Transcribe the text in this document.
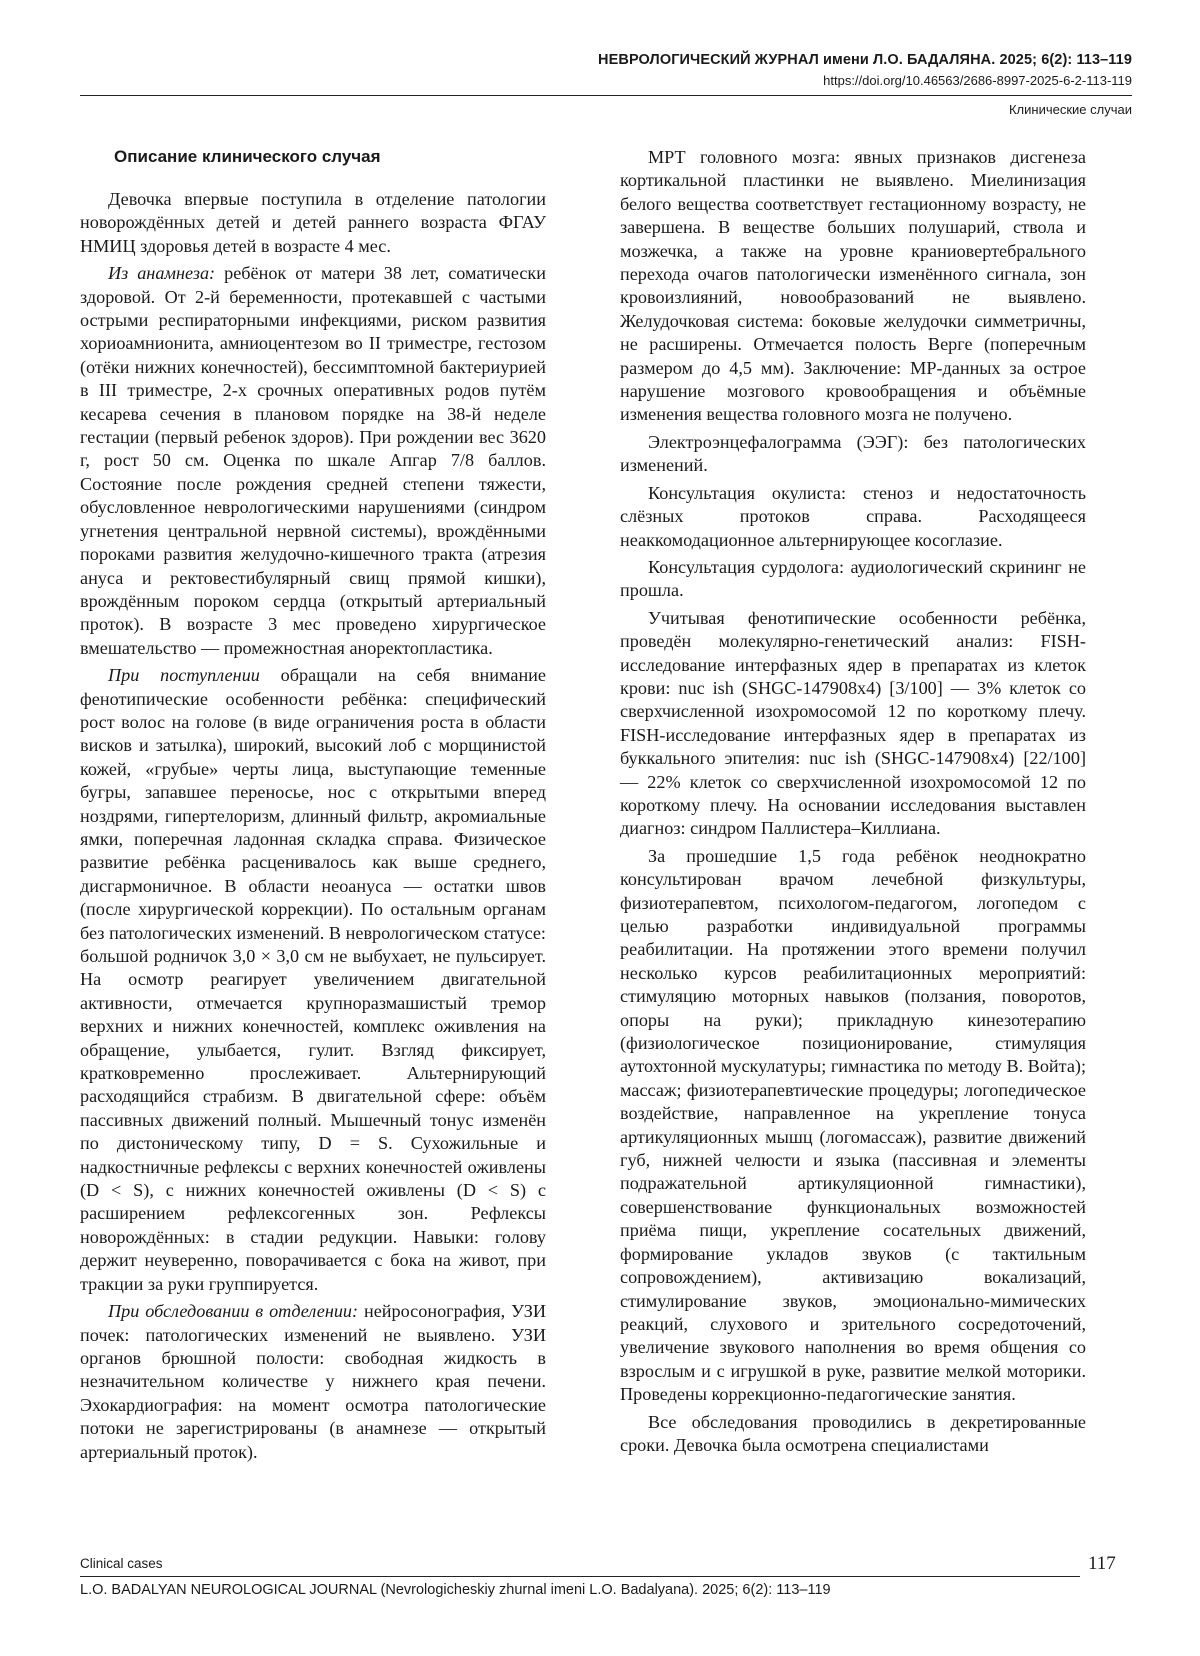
НЕВРОЛОГИЧЕСКИЙ ЖУРНАЛ имени Л.О. БАДАЛЯНА. 2025; 6(2): 113–119
https://doi.org/10.46563/2686-8997-2025-6-2-113-119
Клинические случаи
Описание клинического случая

Девочка впервые поступила в отделение патологии новорождённых детей и детей раннего возраста ФГАУ НМИЦ здоровья детей в возрасте 4 мес.

Из анамнеза: ребёнок от матери 38 лет, соматически здоровой. От 2-й беременности, протекавшей с частыми острыми респираторными инфекциями, риском развития хориоамнионита, амниоцентезом во II триместре, гестозом (отёки нижних конечностей), бессимптомной бактериурией в III триместре, 2-х срочных оперативных родов путём кесарева сечения в плановом порядке на 38-й неделе гестации (первый ребенок здоров). При рождении вес 3620 г, рост 50 см. Оценка по шкале Апгар 7/8 баллов. Состояние после рождения средней степени тяжести, обусловленное неврологическими нарушениями (синдром угнетения центральной нервной системы), врождёнными пороками развития желудочно-кишечного тракта (атрезия ануса и ректовестибулярный свищ прямой кишки), врождённым пороком сердца (открытый артериальный проток). В возрасте 3 мес проведено хирургическое вмешательство — промежностная аноректопластика.

При поступлении обращали на себя внимание фенотипические особенности ребёнка: специфический рост волос на голове (в виде ограничения роста в области висков и затылка), широкий, высокий лоб с морщинистой кожей, «грубые» черты лица, выступающие теменные бугры, запавшее переносье, нос с открытыми вперед ноздрями, гипертелоризм, длинный фильтр, акромиальные ямки, поперечная ладонная складка справа. Физическое развитие ребёнка расценивалось как выше среднего, дисгармоничное. В области неоануса — остатки швов (после хирургической коррекции). По остальным органам без патологических изменений. В неврологическом статусе: большой родничок 3,0 × 3,0 см не выбухает, не пульсирует. На осмотр реагирует увеличением двигательной активности, отмечается крупноразмашистый тремор верхних и нижних конечностей, комплекс оживления на обращение, улыбается, гулит. Взгляд фиксирует, кратковременно прослеживает. Альтернирующий расходящийся страбизм. В двигательной сфере: объём пассивных движений полный. Мышечный тонус изменён по дистоническому типу, D = S. Сухожильные и надкостничные рефлексы с верхних конечностей оживлены (D < S), с нижних конечностей оживлены (D < S) с расширением рефлексогенных зон. Рефлексы новорождённых: в стадии редукции. Навыки: голову держит неуверенно, поворачивается с бока на живот, при тракции за руки группируется.

При обследовании в отделении: нейросонография, УЗИ почек: патологических изменений не выявлено. УЗИ органов брюшной полости: свободная жидкость в незначительном количестве у нижнего края печени. Эхокардиография: на момент осмотра патологические потоки не зарегистрированы (в анамнезе — открытый артериальный проток).

МРТ головного мозга: явных признаков дисгенеза кортикальной пластинки не выявлено. Миелинизация белого вещества соответствует гестационному возрасту, не завершена. В веществе больших полушарий, ствола и мозжечка, а также на уровне краниовертебрального перехода очагов патологически изменённого сигнала, зон кровоизлияний, новообразований не выявлено. Желудочковая система: боковые желудочки симметричны, не расширены. Отмечается полость Верге (поперечным размером до 4,5 мм). Заключение: МР-данных за острое нарушение мозгового кровообращения и объёмные изменения вещества головного мозга не получено.

Электроэнцефалограмма (ЭЭГ): без патологических изменений.

Консультация окулиста: стеноз и недостаточность слёзных протоков справа. Расходящееся неаккомодационное альтернирующее косоглазие.

Консультация сурдолога: аудиологический скрининг не прошла.

Учитывая фенотипические особенности ребёнка, проведён молекулярно-генетический анализ: FISH-исследование интерфазных ядер в препаратах из клеток крови: nuc ish (SHGC-147908x4) [3/100] — 3% клеток со сверхчисленной изохромосомой 12 по короткому плечу. FISH-исследование интерфазных ядер в препаратах из буккального эпителия: nuc ish (SHGC-147908x4) [22/100] — 22% клеток со сверхчисленной изохромосомой 12 по короткому плечу. На основании исследования выставлен диагноз: синдром Паллистера–Киллиана.

За прошедшие 1,5 года ребёнок неоднократно консультирован врачом лечебной физкультуры, физиотерапевтом, психологом-педагогом, логопедом с целью разработки индивидуальной программы реабилитации. На протяжении этого времени получил несколько курсов реабилитационных мероприятий: стимуляцию моторных навыков (ползания, поворотов, опоры на руки); прикладную кинезотерапию (физиологическое позиционирование, стимуляция аутохтонной мускулатуры; гимнастика по методу В. Войта); массаж; физиотерапевтические процедуры; логопедическое воздействие, направленное на укрепление тонуса артикуляционных мышц (логомассаж), развитие движений губ, нижней челюсти и языка (пассивная и элементы подражательной артикуляционной гимнастики), совершенствование функциональных возможностей приёма пищи, укрепление сосательных движений, формирование укладов звуков (с тактильным сопровождением), активизацию вокализаций, стимулирование звуков, эмоционально-мимических реакций, слухового и зрительного сосредоточений, увеличение звукового наполнения во время общения со взрослым и с игрушкой в руке, развитие мелкой моторики. Проведены коррекционно-педагогические занятия.

Все обследования проводились в декретированные сроки. Девочка была осмотрена специалистами

Clinical cases	117
L.O. BADALYAN NEUROLOGICAL JOURNAL (Nevrologicheskiy zhurnal imeni L.O. Badalyana). 2025; 6(2): 113–119
